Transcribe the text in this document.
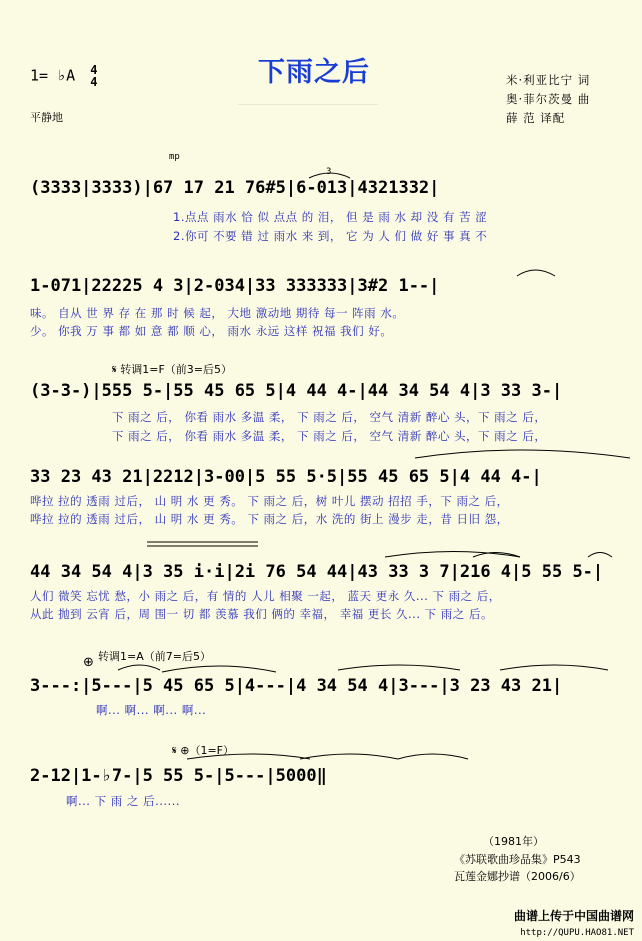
下雨之后
1= ♭A 4
4
平静地
米·利亚比宁 词
奥·菲尔茨曼 曲
薛 范 译配
mp
3
(3333|3333)|67 17 21 76#5|6-013|4321332|
1.点点 雨水 恰 似 点点 的 泪， 但 是 雨 水 却 没 有 苦 涩
2.你可 不要 错 过 雨水 来 到， 它 为 人 们 做 好 事 真 不
1-071|22225 4 3|2-034|33 333333|3#2 1--|
味。 自从 世 界 存 在 那 时 候 起， 大地 激动地 期待 每一 阵雨 水。
少。 你我 万 事 都 如 意 都 顺 心， 雨水 永远 这样 祝福 我们 好。
𝄋 转调1=F（前3=后5）
(3-3-)|555 5-|55 45 65 5|4 44 4-|44 34 54 4|3 33 3-|
下 雨之 后， 你看 雨水 多温 柔， 下 雨之 后， 空气 清新 醉心 头，下 雨之 后，
下 雨之 后， 你看 雨水 多温 柔， 下 雨之 后， 空气 清新 醉心 头，下 雨之 后，
33 23 43 21|2212|3-00|5 55 5·5|55 45 65 5|4 44 4-|
哗拉 拉的 透雨 过后， 山 明 水 更 秀。 下 雨之 后，树 叶儿 摆动 招招 手，下 雨之 后，
哗拉 拉的 透雨 过后， 山 明 水 更 秀。 下 雨之 后，水 洗的 街上 漫步 走，昔 日旧 怨，
44 34 54 4|3 35 i·i|2i 76 54 44|43 33 3 7|216 4|5 55 5-|
人们 微笑 忘忧 愁，小 雨之 后，有 情的 人儿 相聚 一起， 蓝天 更永 久... 下 雨之 后，
从此 抛到 云宵 后，周 围一 切 都 羡慕 我们 俩的 幸福， 幸福 更长 久... 下 雨之 后。
⊕ 转调1=A（前7=后5）
3---:|5---|5 45 65 5|4---|4 34 54 4|3---|3 23 43 21|
啊... 啊... 啊... 啊...
𝄋 ⊕（1=F）
2-12|1-♭7-|5 55 5-|5---|5000‖
啊... 下 雨 之 后......
（1981年）
《苏联歌曲珍品集》P543
瓦莲金娜抄谱（2006/6）
曲谱上传于中国曲谱网
http://QUPU.HAO81.NET
